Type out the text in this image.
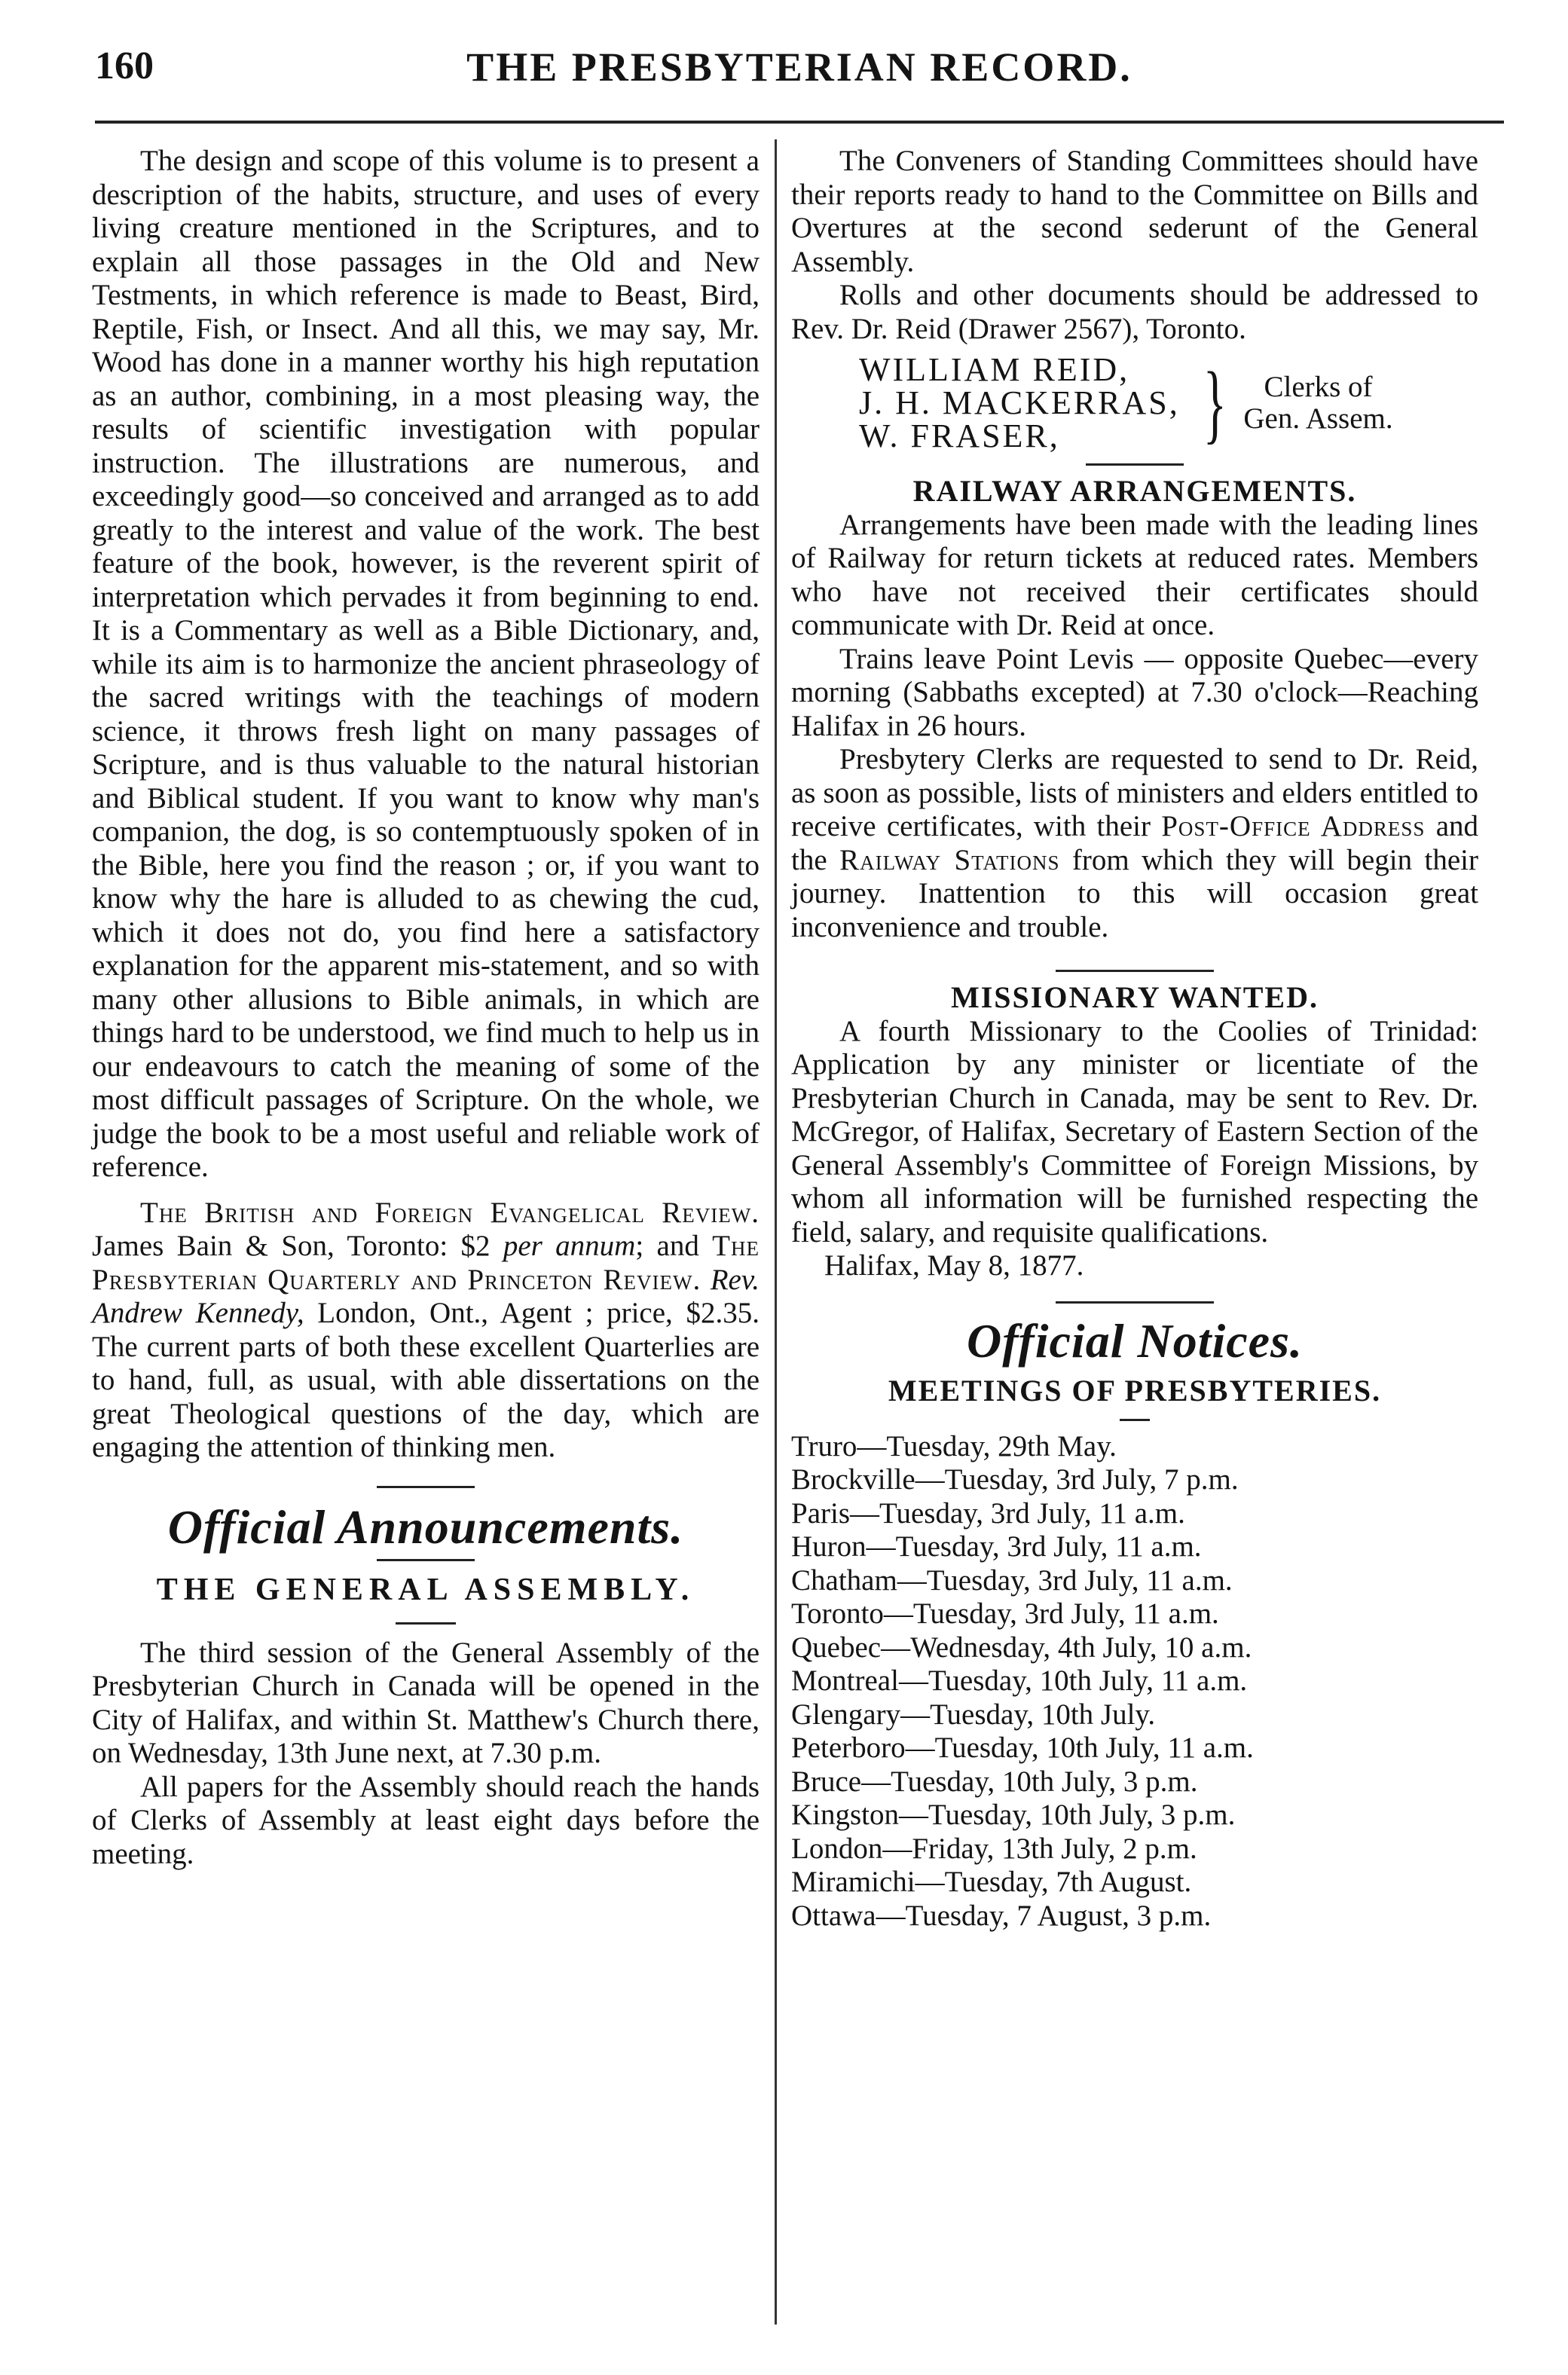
160	THE PRESBYTERIAN RECORD.

The design and scope of this volume is to present a description of the habits, structure, and uses of every living creature mentioned in the Scriptures, and to explain all those passages in the Old and New Testments, in which reference is made to Beast, Bird, Reptile, Fish, or Insect. And all this, we may say, Mr. Wood has done in a manner worthy his high reputation as an author, combining, in a most pleasing way, the results of scientific investigation with popular instruction. The illustrations are numerous, and exceedingly good—so conceived and arranged as to add greatly to the interest and value of the work. The best feature of the book, however, is the reverent spirit of interpretation which pervades it from beginning to end. It is a Commentary as well as a Bible Dictionary, and, while its aim is to harmonize the ancient phraseology of the sacred writings with the teachings of modern science, it throws fresh light on many passages of Scripture, and is thus valuable to the natural historian and Biblical student. If you want to know why man's companion, the dog, is so contemptuously spoken of in the Bible, here you find the reason ; or, if you want to know why the hare is alluded to as chewing the cud, which it does not do, you find here a satisfactory explanation for the apparent mis-statement, and so with many other allusions to Bible animals, in which are things hard to be understood, we find much to help us in our endeavours to catch the meaning of some of the most difficult passages of Scripture. On the whole, we judge the book to be a most useful and reliable work of reference.

The British and Foreign Evangelical Review. James Bain & Son, Toronto: $2 per annum; and The Presbyterian Quarterly and Princeton Review. Rev. Andrew Kennedy, London, Ont., Agent ; price, $2.35. The current parts of both these excellent Quarterlies are to hand, full, as usual, with able dissertations on the great Theological questions of the day, which are engaging the attention of thinking men.

Official Announcements.
THE GENERAL ASSEMBLY.

The third session of the General Assembly of the Presbyterian Church in Canada will be opened in the City of Halifax, and within St. Matthew's Church there, on Wednesday, 13th June next, at 7.30 p.m.

All papers for the Assembly should reach the hands of Clerks of Assembly at least eight days before the meeting.

The Conveners of Standing Committees should have their reports ready to hand to the Committee on Bills and Overtures at the second sederunt of the General Assembly.

Rolls and other documents should be addressed to Rev. Dr. Reid (Drawer 2567), Toronto.

WILLIAM REID,
J. H. MACKERRAS,
W. FRASER,	}	Clerks of
Gen. Assem.
RAILWAY ARRANGEMENTS.

Arrangements have been made with the leading lines of Railway for return tickets at reduced rates. Members who have not received their certificates should communicate with Dr. Reid at once.

Trains leave Point Levis — opposite Quebec—every morning (Sabbaths excepted) at 7.30 o'clock—Reaching Halifax in 26 hours.

Presbytery Clerks are requested to send to Dr. Reid, as soon as possible, lists of ministers and elders entitled to receive certificates, with their Post-Office Address and the Railway Stations from which they will begin their journey. Inattention to this will occasion great inconvenience and trouble.

MISSIONARY WANTED.

A fourth Missionary to the Coolies of Trinidad: Application by any minister or licentiate of the Presbyterian Church in Canada, may be sent to Rev. Dr. McGregor, of Halifax, Secretary of Eastern Section of the General Assembly's Committee of Foreign Missions, by whom all information will be furnished respecting the field, salary, and requisite qualifications.

Halifax, May 8, 1877.

Official Notices.
MEETINGS OF PRESBYTERIES.
Truro—Tuesday, 29th May.
Brockville—Tuesday, 3rd July, 7 p.m.
Paris—Tuesday, 3rd July, 11 a.m.
Huron—Tuesday, 3rd July, 11 a.m.
Chatham—Tuesday, 3rd July, 11 a.m.
Toronto—Tuesday, 3rd July, 11 a.m.
Quebec—Wednesday, 4th July, 10 a.m.
Montreal—Tuesday, 10th July, 11 a.m.
Glengary—Tuesday, 10th July.
Peterboro—Tuesday, 10th July, 11 a.m.
Bruce—Tuesday, 10th July, 3 p.m.
Kingston—Tuesday, 10th July, 3 p.m.
London—Friday, 13th July, 2 p.m.
Miramichi—Tuesday, 7th August.
Ottawa—Tuesday, 7 August, 3 p.m.
